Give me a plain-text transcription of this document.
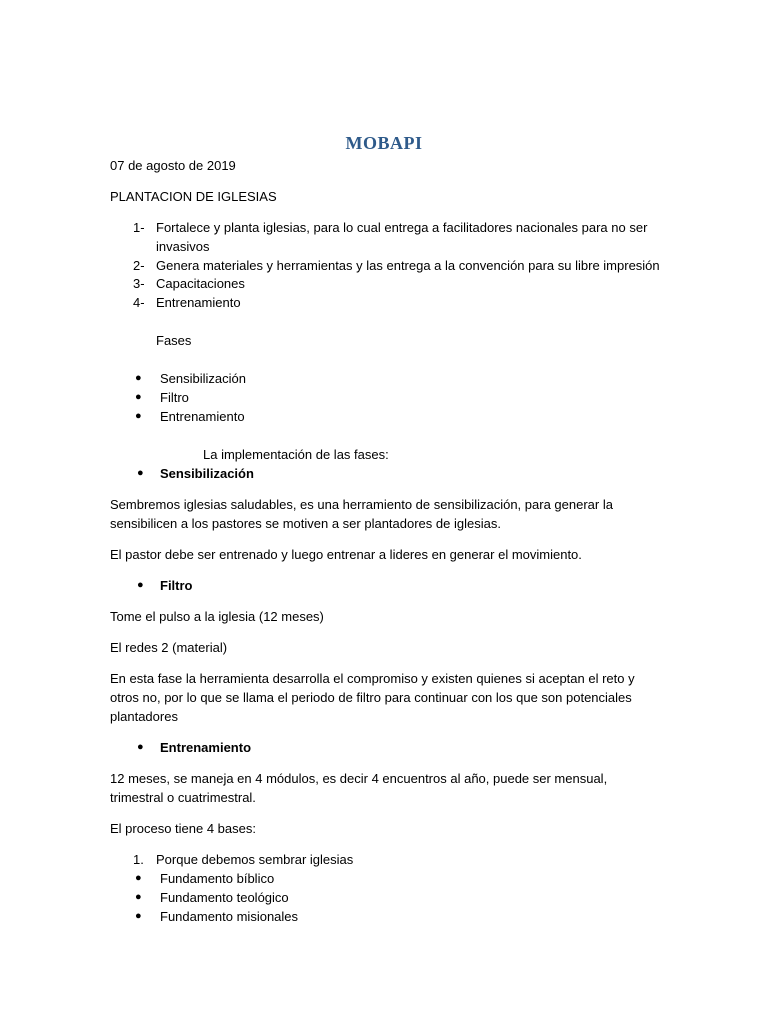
MOBAPI
07 de agosto de 2019
PLANTACION DE IGLESIAS
1- Fortalece y planta iglesias, para lo cual entrega a facilitadores nacionales para no ser
invasivos
2- Genera materiales y herramientas y las entrega a la convención para su libre impresión
3- Capacitaciones
4- Entrenamiento
Fases
● Sensibilización
● Filtro
● Entrenamiento
La implementación de las fases:
● Sensibilización
Sembremos iglesias saludables, es una herramiento de sensibilización, para generar la
sensibilicen a los pastores se motiven a ser plantadores de iglesias.
El pastor debe ser entrenado y luego entrenar a lideres en generar el movimiento.
● Filtro
Tome el pulso a la iglesia (12 meses)
El redes 2 (material)
En esta fase la herramienta desarrolla el compromiso y existen quienes si aceptan el reto y
otros no, por lo que se llama el periodo de filtro para continuar con los que son potenciales
plantadores
● Entrenamiento
12 meses, se maneja en 4 módulos, es decir 4 encuentros al año, puede ser mensual,
trimestral o cuatrimestral.
El proceso tiene 4 bases:
1. Porque debemos sembrar iglesias
● Fundamento bíblico
● Fundamento teológico
● Fundamento misionales
